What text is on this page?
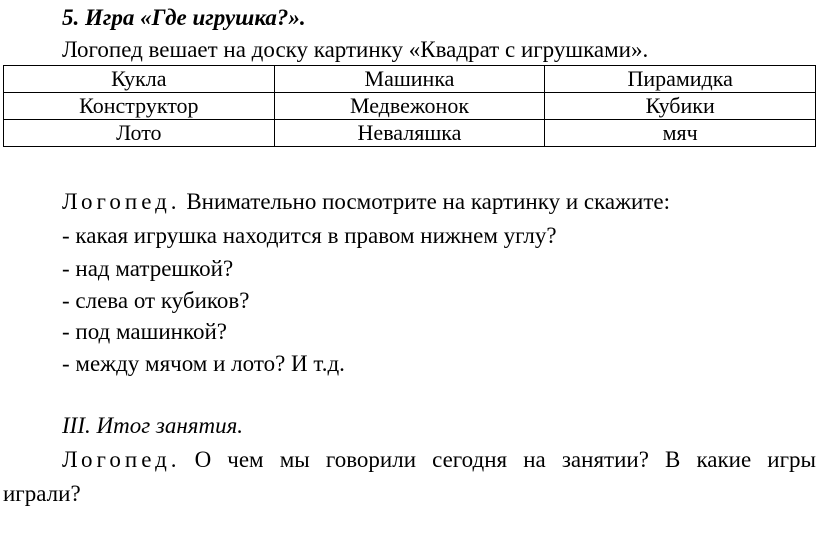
5. Игра «Где игрушка?».
Логопед вешает на доску картинку «Квадрат с игрушками».
Кукла	Машинка	Пирамидка
Конструктор	Медвежонок	Кубики
Лото	Неваляшка	мяч
Логопед. Внимательно посмотрите на картинку и скажите:
- какая игрушка находится в правом нижнем углу?
- над матрешкой?
- слева от кубиков?
- под машинкой?
- между мячом и лото? И т.д.
III. Итог занятия.
Логопед. О чем мы говорили сегодня на занятии? В какие игры
играли?
